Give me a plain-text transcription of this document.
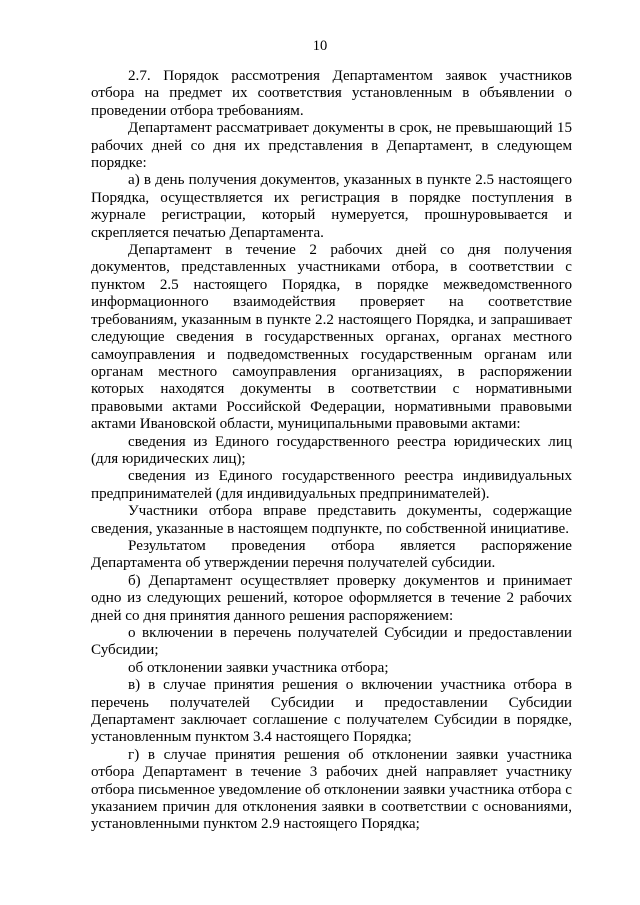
10

2.7. Порядок рассмотрения Департаментом заявок участников отбора на предмет их соответствия установленным в объявлении о проведении отбора требованиям.

Департамент рассматривает документы в срок, не превышающий 15 рабочих дней со дня их представления в Департамент, в следующем порядке:

а) в день получения документов, указанных в пункте 2.5 настоящего Порядка, осуществляется их регистрация в порядке поступления в журнале регистрации, который нумеруется, прошнуровывается и скрепляется печатью Департамента.

Департамент в течение 2 рабочих дней со дня получения документов, представленных участниками отбора, в соответствии с пунктом 2.5 настоящего Порядка, в порядке межведомственного информационного взаимодействия проверяет на соответствие требованиям, указанным в пункте 2.2 настоящего Порядка, и запрашивает следующие сведения в государственных органах, органах местного самоуправления и подведомственных государственным органам или органам местного самоуправления организациях, в распоряжении которых находятся документы в соответствии с нормативными правовыми актами Российской Федерации, нормативными правовыми актами Ивановской области, муниципальными правовыми актами:

сведения из Единого государственного реестра юридических лиц (для юридических лиц);

сведения из Единого государственного реестра индивидуальных предпринимателей (для индивидуальных предпринимателей).

Участники отбора вправе представить документы, содержащие сведения, указанные в настоящем подпункте, по собственной инициативе.

Результатом проведения отбора является распоряжение Департамента об утверждении перечня получателей субсидии.

б) Департамент осуществляет проверку документов и принимает одно из следующих решений, которое оформляется в течение 2 рабочих дней со дня принятия данного решения распоряжением:

о включении в перечень получателей Субсидии и предоставлении Субсидии;

об отклонении заявки участника отбора;

в) в случае принятия решения о включении участника отбора в перечень получателей Субсидии и предоставлении Субсидии Департамент заключает соглашение с получателем Субсидии в порядке, установленным пунктом 3.4 настоящего Порядка;

г) в случае принятия решения об отклонении заявки участника отбора Департамент в течение 3 рабочих дней направляет участнику отбора письменное уведомление об отклонении заявки участника отбора с указанием причин для отклонения заявки в соответствии с основаниями, установленными пунктом 2.9 настоящего Порядка;
